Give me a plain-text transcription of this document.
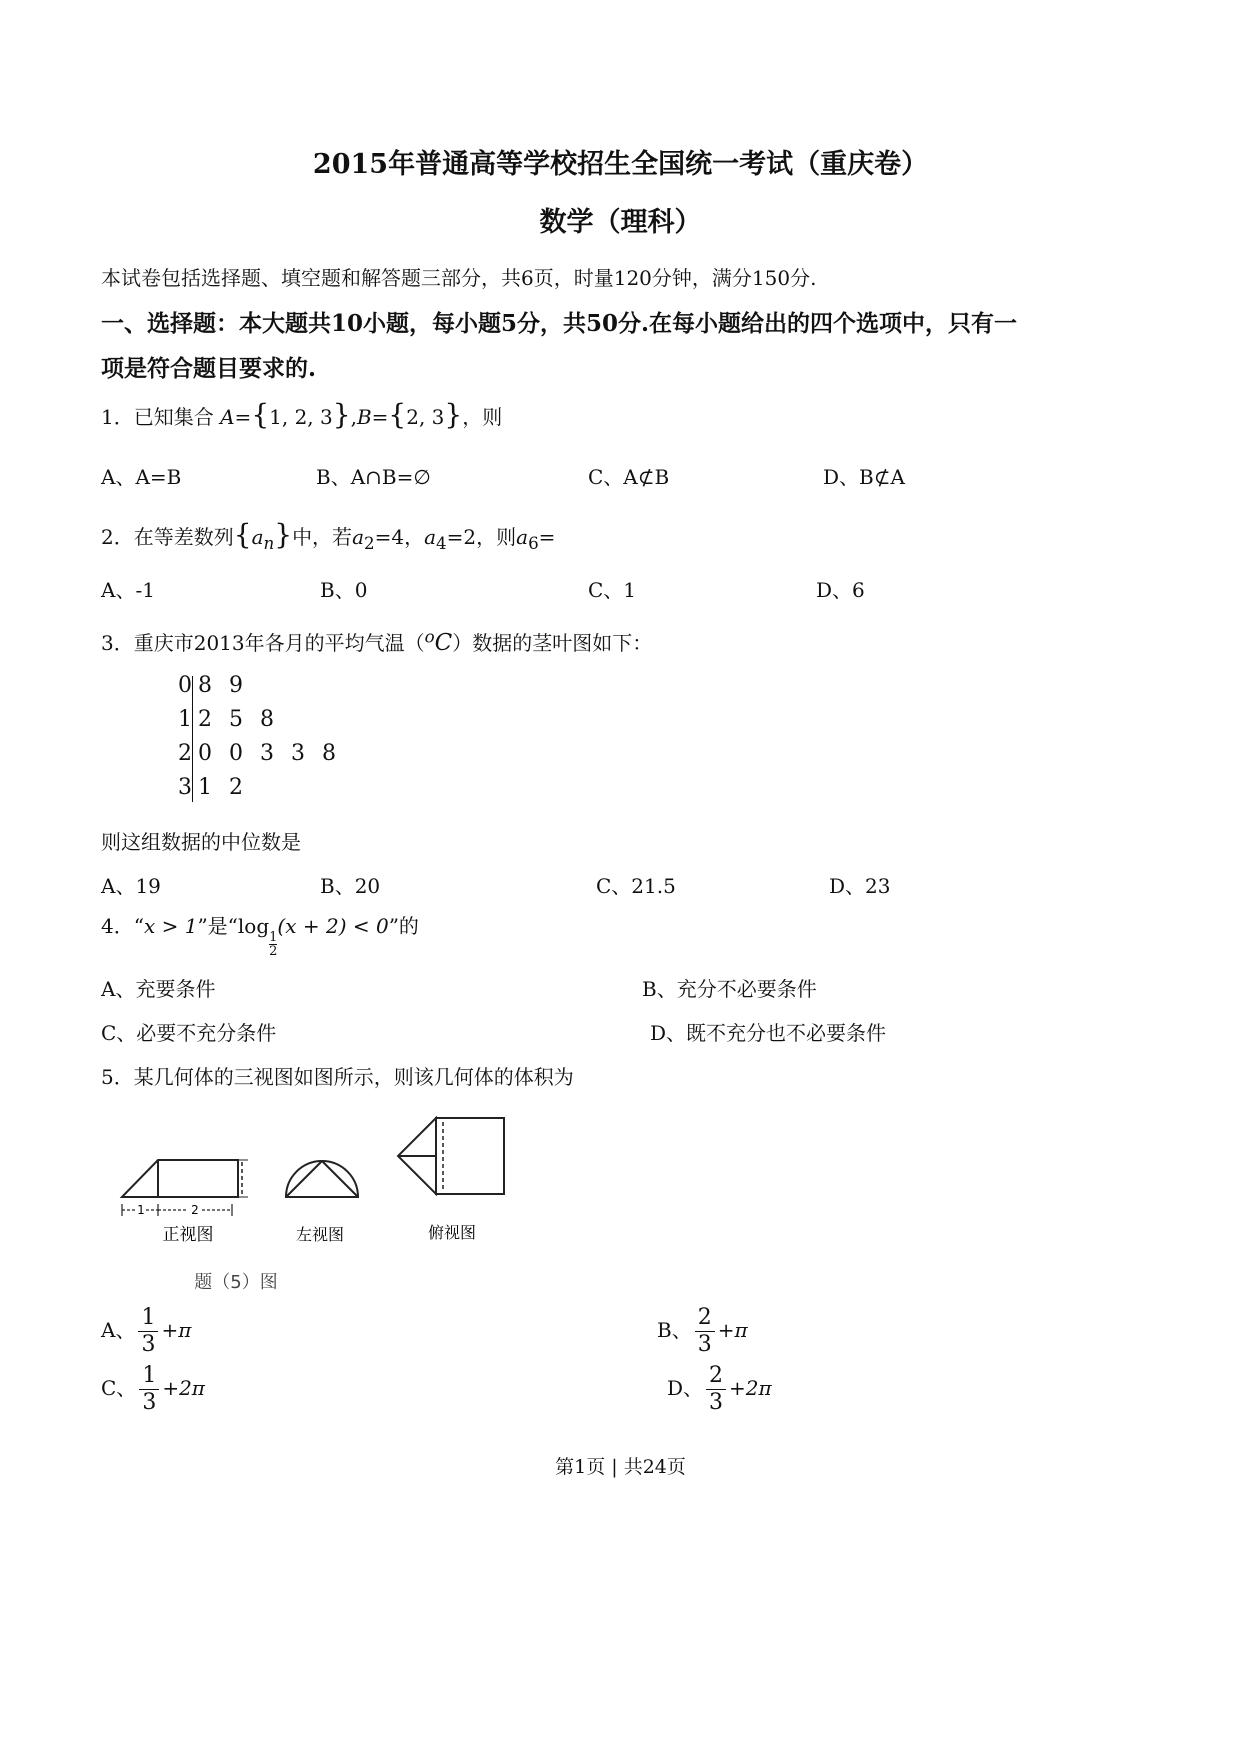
2015年普通高等学校招生全国统一考试（重庆卷）
数学（理科）
本试卷包括选择题、填空题和解答题三部分，共6页，时量120分钟，满分150分.
一、选择题：本大题共10小题，每小题5分，共50分.在每小题给出的四个选项中，只有一
项是符合题目要求的.
1．已知集合 A={1, 2, 3},B={2, 3}，则
A、A=B	B、A∩B=∅	C、A⊄B	D、B⊄A
2．在等差数列$\{a_n\}$中，若$a_2=4$，$a_4=2$，则$a_6=$
A、-1	B、0	C、1	D、6
3．重庆市2013年各月的平均气温（$^o$C）数据的茎叶图如下：
0 8 9
1 2 5 8
2 0 0 3 3 8
3 1 2
则这组数据的中位数是
A、19	B、20	C、21.5	D、23
4．“x > 1”是“log
$\frac{1}{2}$
(x + 2) < 0”的
A、充要条件	B、充分不必要条件
C、必要不充分条件	D、既不充分也不必要条件
5．某几何体的三视图如图所示，则该几何体的体积为
1	2
正视图	左视图	俯视图
题（5）图
A、 $\frac{1}{3} +\pi$	B、 $\frac{2}{3} +\pi$
C、 $\frac{1}{3} +2\pi$	D、 $\frac{2}{3} +2\pi$
第1页 | 共24页
